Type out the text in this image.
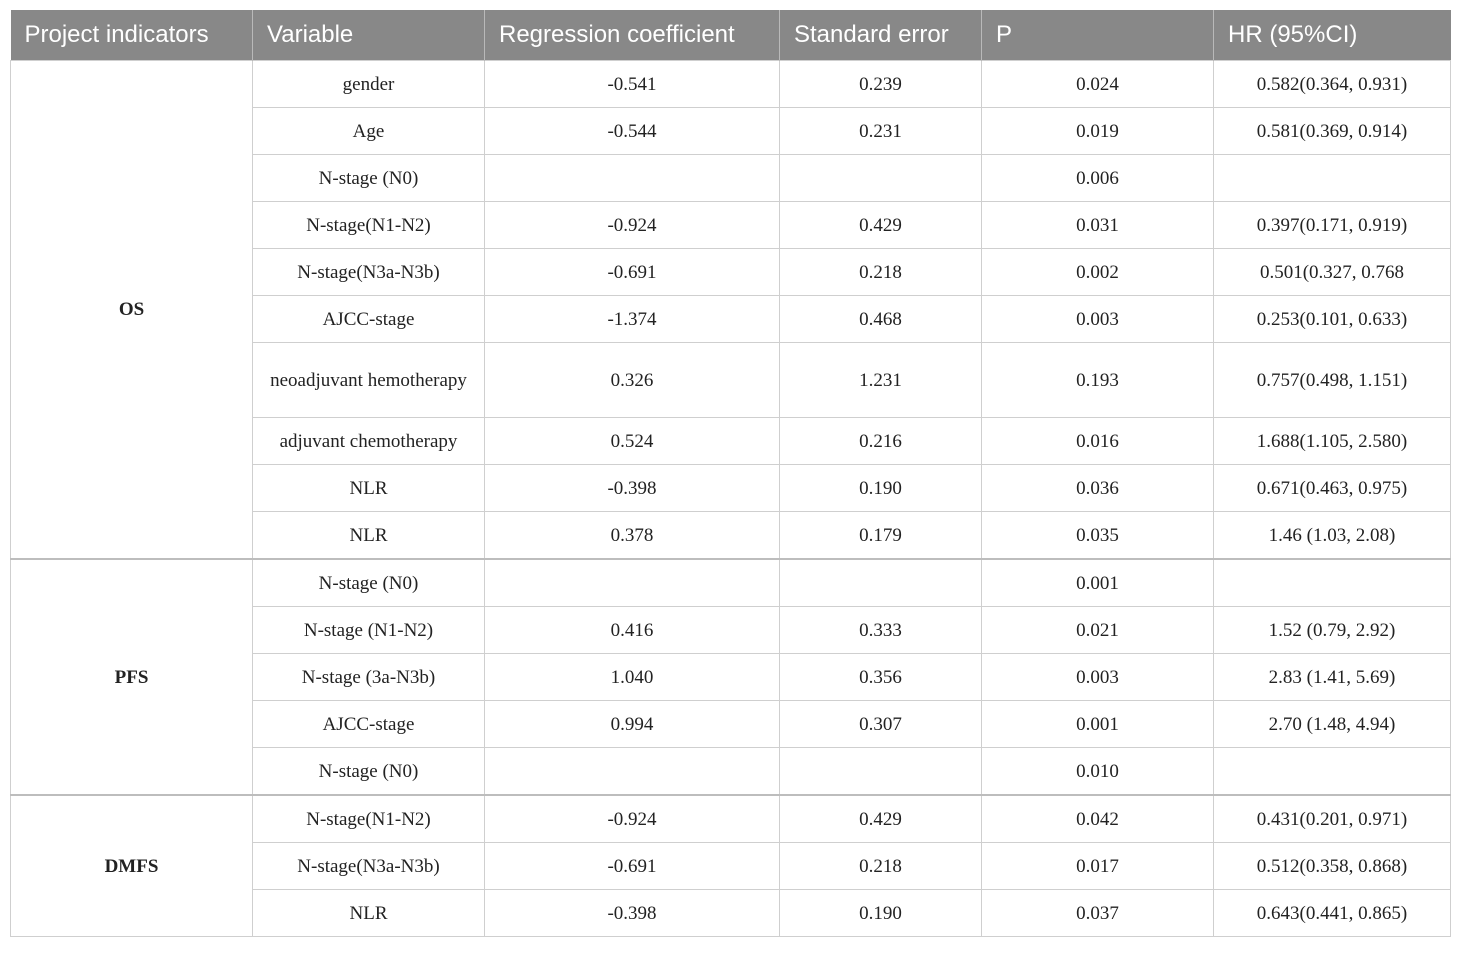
Project indicators	Variable	Regression coefficient	Standard error	P	HR (95%CI)
OS	gender	-0.541	0.239	0.024	0.582(0.364, 0.931)
	Age	-0.544	0.231	0.019	0.581(0.369, 0.914)
	N-stage (N0)			0.006	
	N-stage(N1-N2)	-0.924	0.429	0.031	0.397(0.171, 0.919)
	N-stage(N3a-N3b)	-0.691	0.218	0.002	0.501(0.327, 0.768
	AJCC-stage	-1.374	0.468	0.003	0.253(0.101, 0.633)
	neoadjuvant hemotherapy	0.326	1.231	0.193	0.757(0.498, 1.151)
	adjuvant chemotherapy	0.524	0.216	0.016	1.688(1.105, 2.580)
	NLR	-0.398	0.190	0.036	0.671(0.463, 0.975)
	NLR	0.378	0.179	0.035	1.46 (1.03, 2.08)
PFS	N-stage (N0)			0.001	
	N-stage (N1-N2)	0.416	0.333	0.021	1.52 (0.79, 2.92)
	N-stage (3a-N3b)	1.040	0.356	0.003	2.83 (1.41, 5.69)
	AJCC-stage	0.994	0.307	0.001	2.70 (1.48, 4.94)
	N-stage (N0)			0.010	
DMFS	N-stage(N1-N2)	-0.924	0.429	0.042	0.431(0.201, 0.971)
	N-stage(N3a-N3b)	-0.691	0.218	0.017	0.512(0.358, 0.868)
	NLR	-0.398	0.190	0.037	0.643(0.441, 0.865)
